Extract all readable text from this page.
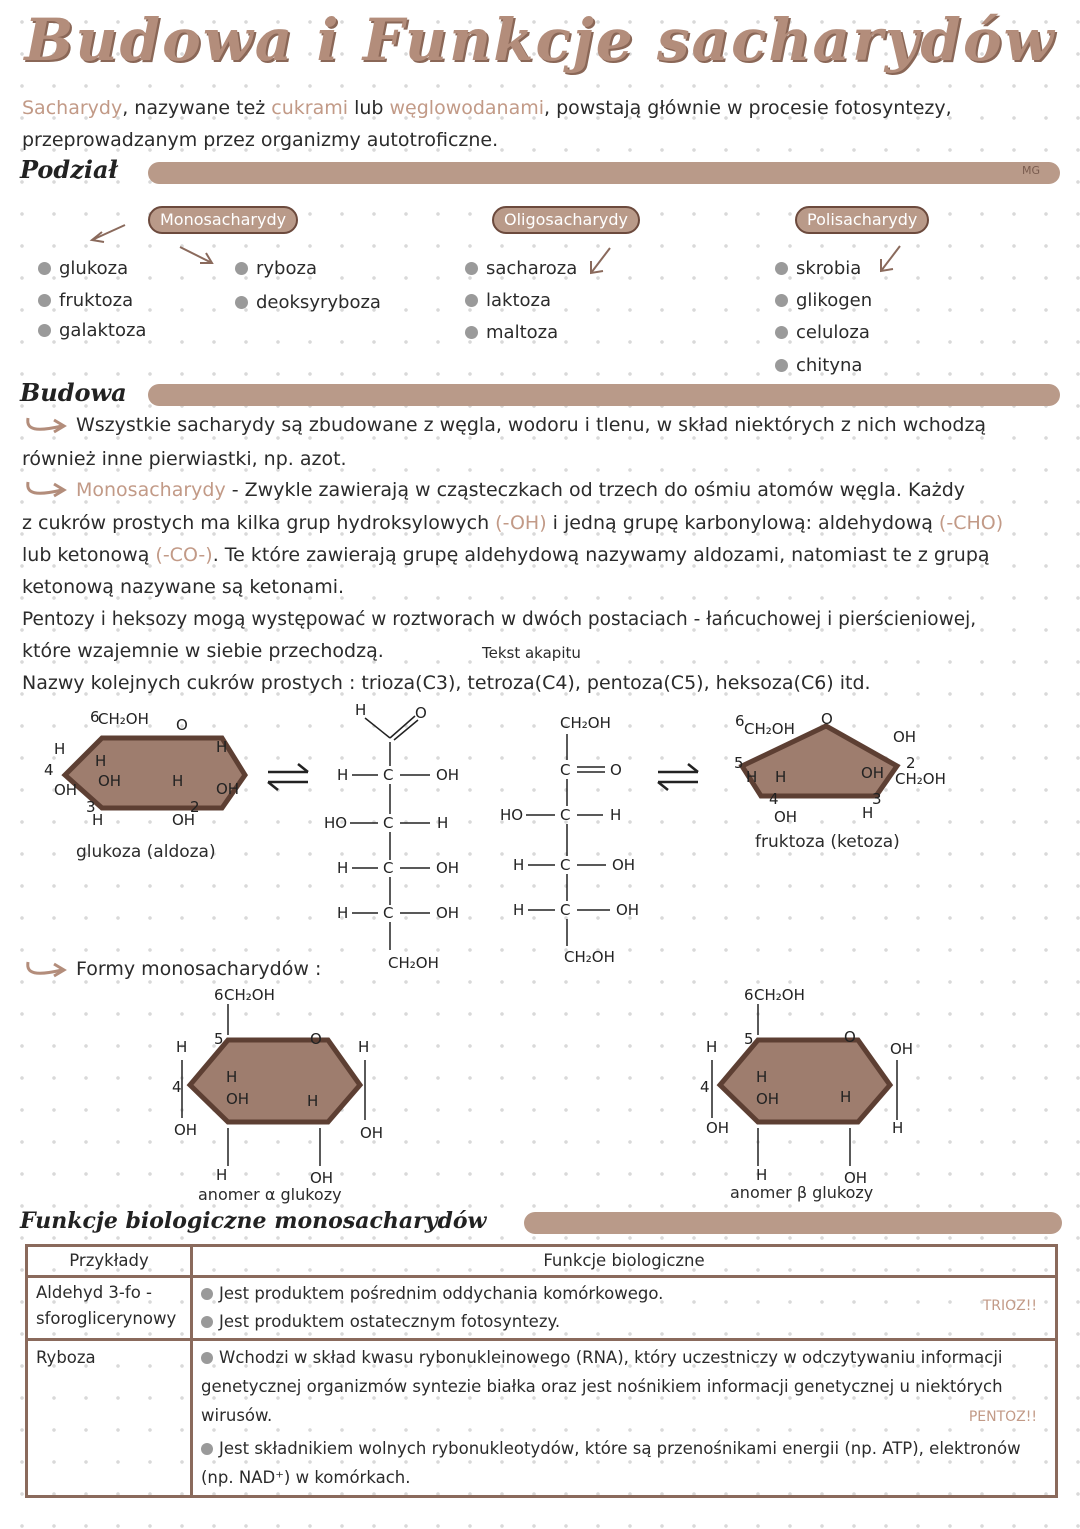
Budowa i Funkcje sacharydów
Sacharydy, nazywane też cukrami lub węglowodanami, powstają głównie w procesie fotosyntezy,
przeprowadzanym przez organizmy autotroficzne.
Podział	MG
Monosacharydy	Oligosacharydy	Polisacharydy
glukoza
fruktoza
galaktoza
ryboza
deoksyryboza
sacharoza
laktoza
maltoza
skrobia
glikogen
celuloza
chityna
Budowa
Wszystkie sacharydy są zbudowane z węgla, wodoru i tlenu, w skład niektórych z nich wchodzą
również inne pierwiastki, np. azot.
Monosacharydy - Zwykle zawierają w cząsteczkach od trzech do ośmiu atomów węgla. Każdy
z cukrów prostych ma kilka grup hydroksylowych (-OH) i jedną grupę karbonylową: aldehydową (-CHO)
lub ketonową (-CO-). Te które zawierają grupę aldehydową nazywamy aldozami, natomiast te z grupą
ketonową nazywane są ketonami.
Pentozy i heksozy mogą występować w roztworach w dwóch postaciach - łańcuchowej i pierścieniowej,
które wzajemnie w siebie przechodzą.	Tekst akapitu
Nazwy kolejnych cukrów prostych : trioza(C3), tetroza(C4), pentoza(C5), heksoza(C6) itd.
6
CH₂OH O
H
4
OH
H
OH	H
H	OH
H
OH
3	2
H	O
H C	OH
HO C	H
H C	OH
H C	OH
CH₂OH
CH₂OH
C	O
HO C	H
H C	OH
H C	OH
CH₂OH
6 CH₂OH
O
5
H H	OH
OH
CH₂OH
4
OH	H
3
2
glukoza (aldoza)	fruktoza (ketoza)
Formy monosacharydów :
6 CH₂OH
O
H
4
OH
H
OH	H
H
OH
5
H	OH
6 CH₂OH
O
H
4
OH
H
OH	H
OH
H
5
H	OH
anomer α glukozy	anomer β glukozy
Funkcje biologiczne monosacharydów
Przykłady	Funkcje biologiczne
Aldehyd 3-fo - sforoglicerynowy	Jest produktem pośrednim oddychania komórkowego.
Jest produktem ostatecznym fotosyntezy.
TRIOZ!!

Ryboza	Wchodzi w skład kwasu rybonukleinowego (RNA), który uczestniczy w odczytywaniu informacji genetycznej organizmów syntezie białka oraz jest nośnikiem informacji genetycznej u niektórych wirusów.
Jest składnikiem wolnych rybonukleotydów, które są przenośnikami energii (np. ATP), elektronów (np. NAD⁺) w komórkach.
PENTOZ!!
